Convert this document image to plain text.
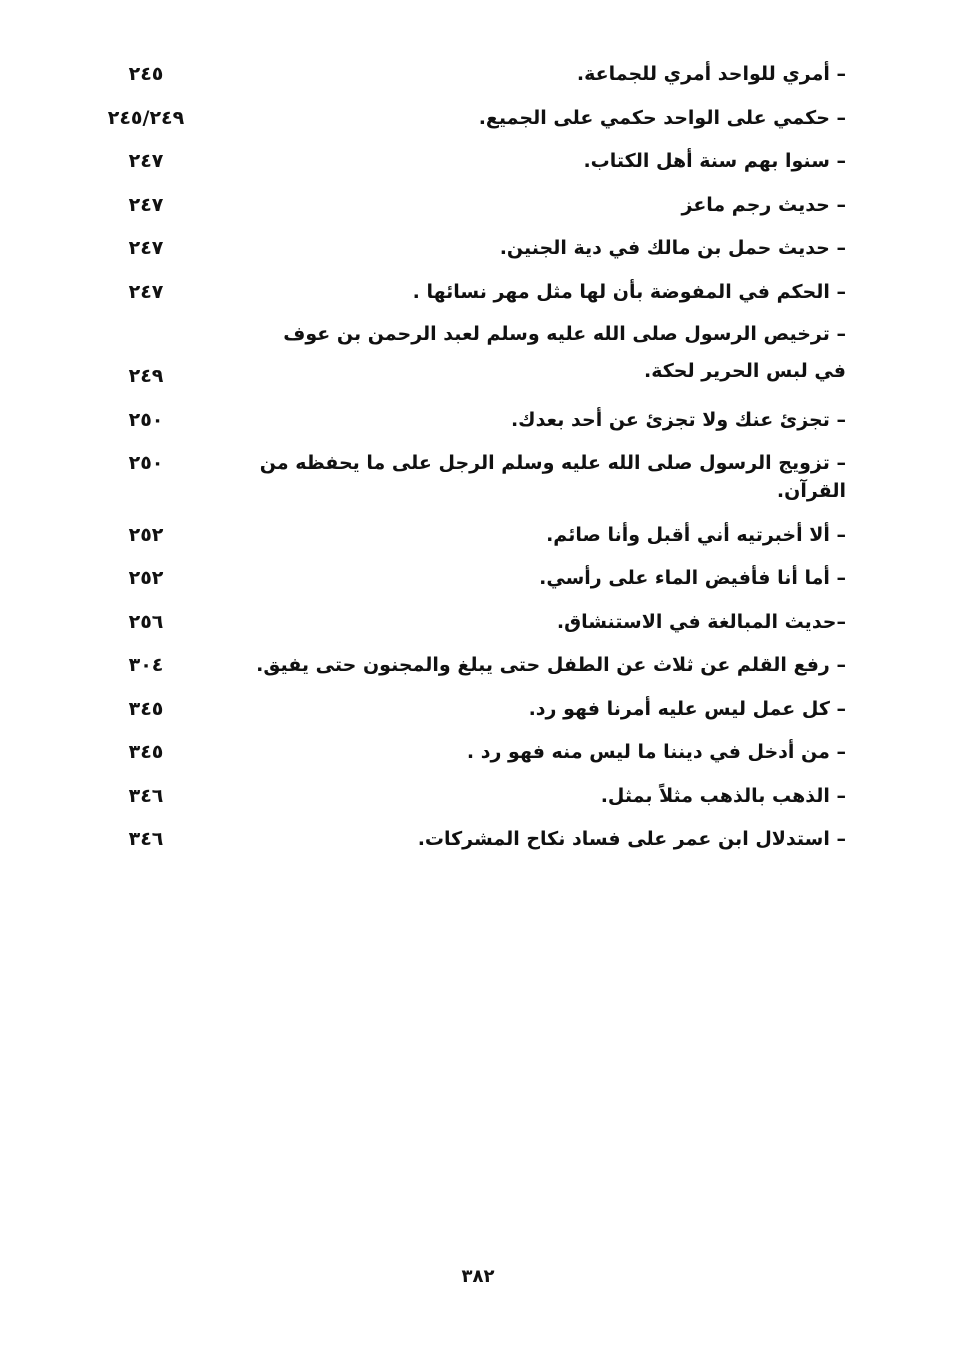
– أمري للواحد أمري للجماعة.
٢٤٥
– حكمي على الواحد حكمي على الجميع.
٢٤٥/٢٤٩
– سنوا بهم سنة أهل الكتاب.
٢٤٧
– حديث رجم ماعز
٢٤٧
– حديث حمل بن مالك في دية الجنين.
٢٤٧
– الحكم في المفوضة بأن لها مثل مهر نسائها .
٢٤٧
– ترخيص الرسول صلى الله عليه وسلم لعبد الرحمن بن عوف في لبس الحرير لحكة.
٢٤٩
– تجزئ عنك ولا تجزئ عن أحد بعدك.
٢٥٠
– تزويج الرسول صلى الله عليه وسلم الرجل على ما يحفظه من القرآن.
٢٥٠
– ألا أخبرتيه أني أقبل وأنا صائم.
٢٥٢
– أما أنا فأفيض الماء على رأسي.
٢٥٢
–حديث المبالغة في الاستنشاق.
٢٥٦
– رفع القلم عن ثلاث عن الطفل حتى يبلغ والمجنون حتى يفيق.
٣٠٤
– كل عمل ليس عليه أمرنا فهو رد.
٣٤٥
– من أدخل في ديننا ما ليس منه فهو رد .
٣٤٥
– الذهب بالذهب مثلاً بمثل.
٣٤٦
– استدلال ابن عمر على فساد نكاح المشركات.
٣٤٦
٣٨٢
